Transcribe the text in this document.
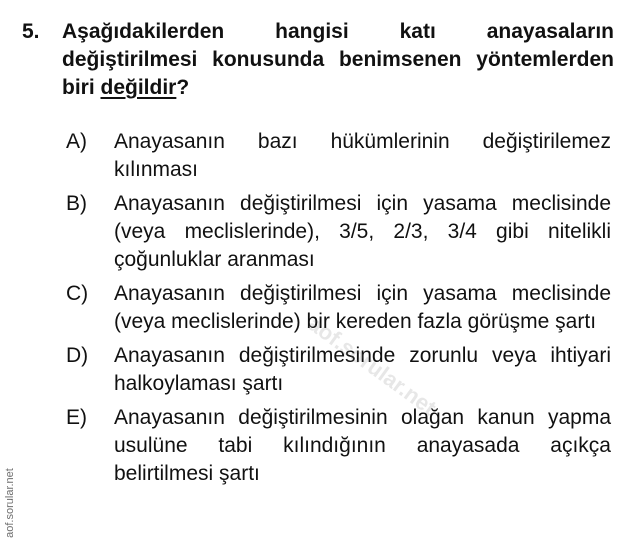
5.	Aşağıdakilerden hangisi katı anayasaların değiştirilmesi konusunda benimsenen yöntemlerden biri değildir?
A)	Anayasanın bazı hükümlerinin değiştirilemez kılınması
B)	Anayasanın değiştirilmesi için yasama meclisinde (veya meclislerinde), 3/5, 2/3, 3/4 gibi nitelikli çoğunluklar aranması
C)	Anayasanın değiştirilmesi için yasama meclisinde (veya meclislerinde) bir kereden fazla görüşme şartı
D)	Anayasanın değiştirilmesinde zorunlu veya ihtiyari halkoylaması şartı
E)	Anayasanın değiştirilmesinin olağan kanun yapma usulüne tabi kılındığının anayasada açıkça belirtilmesi şartı
aof.sorular.net
aof.sorular.net
